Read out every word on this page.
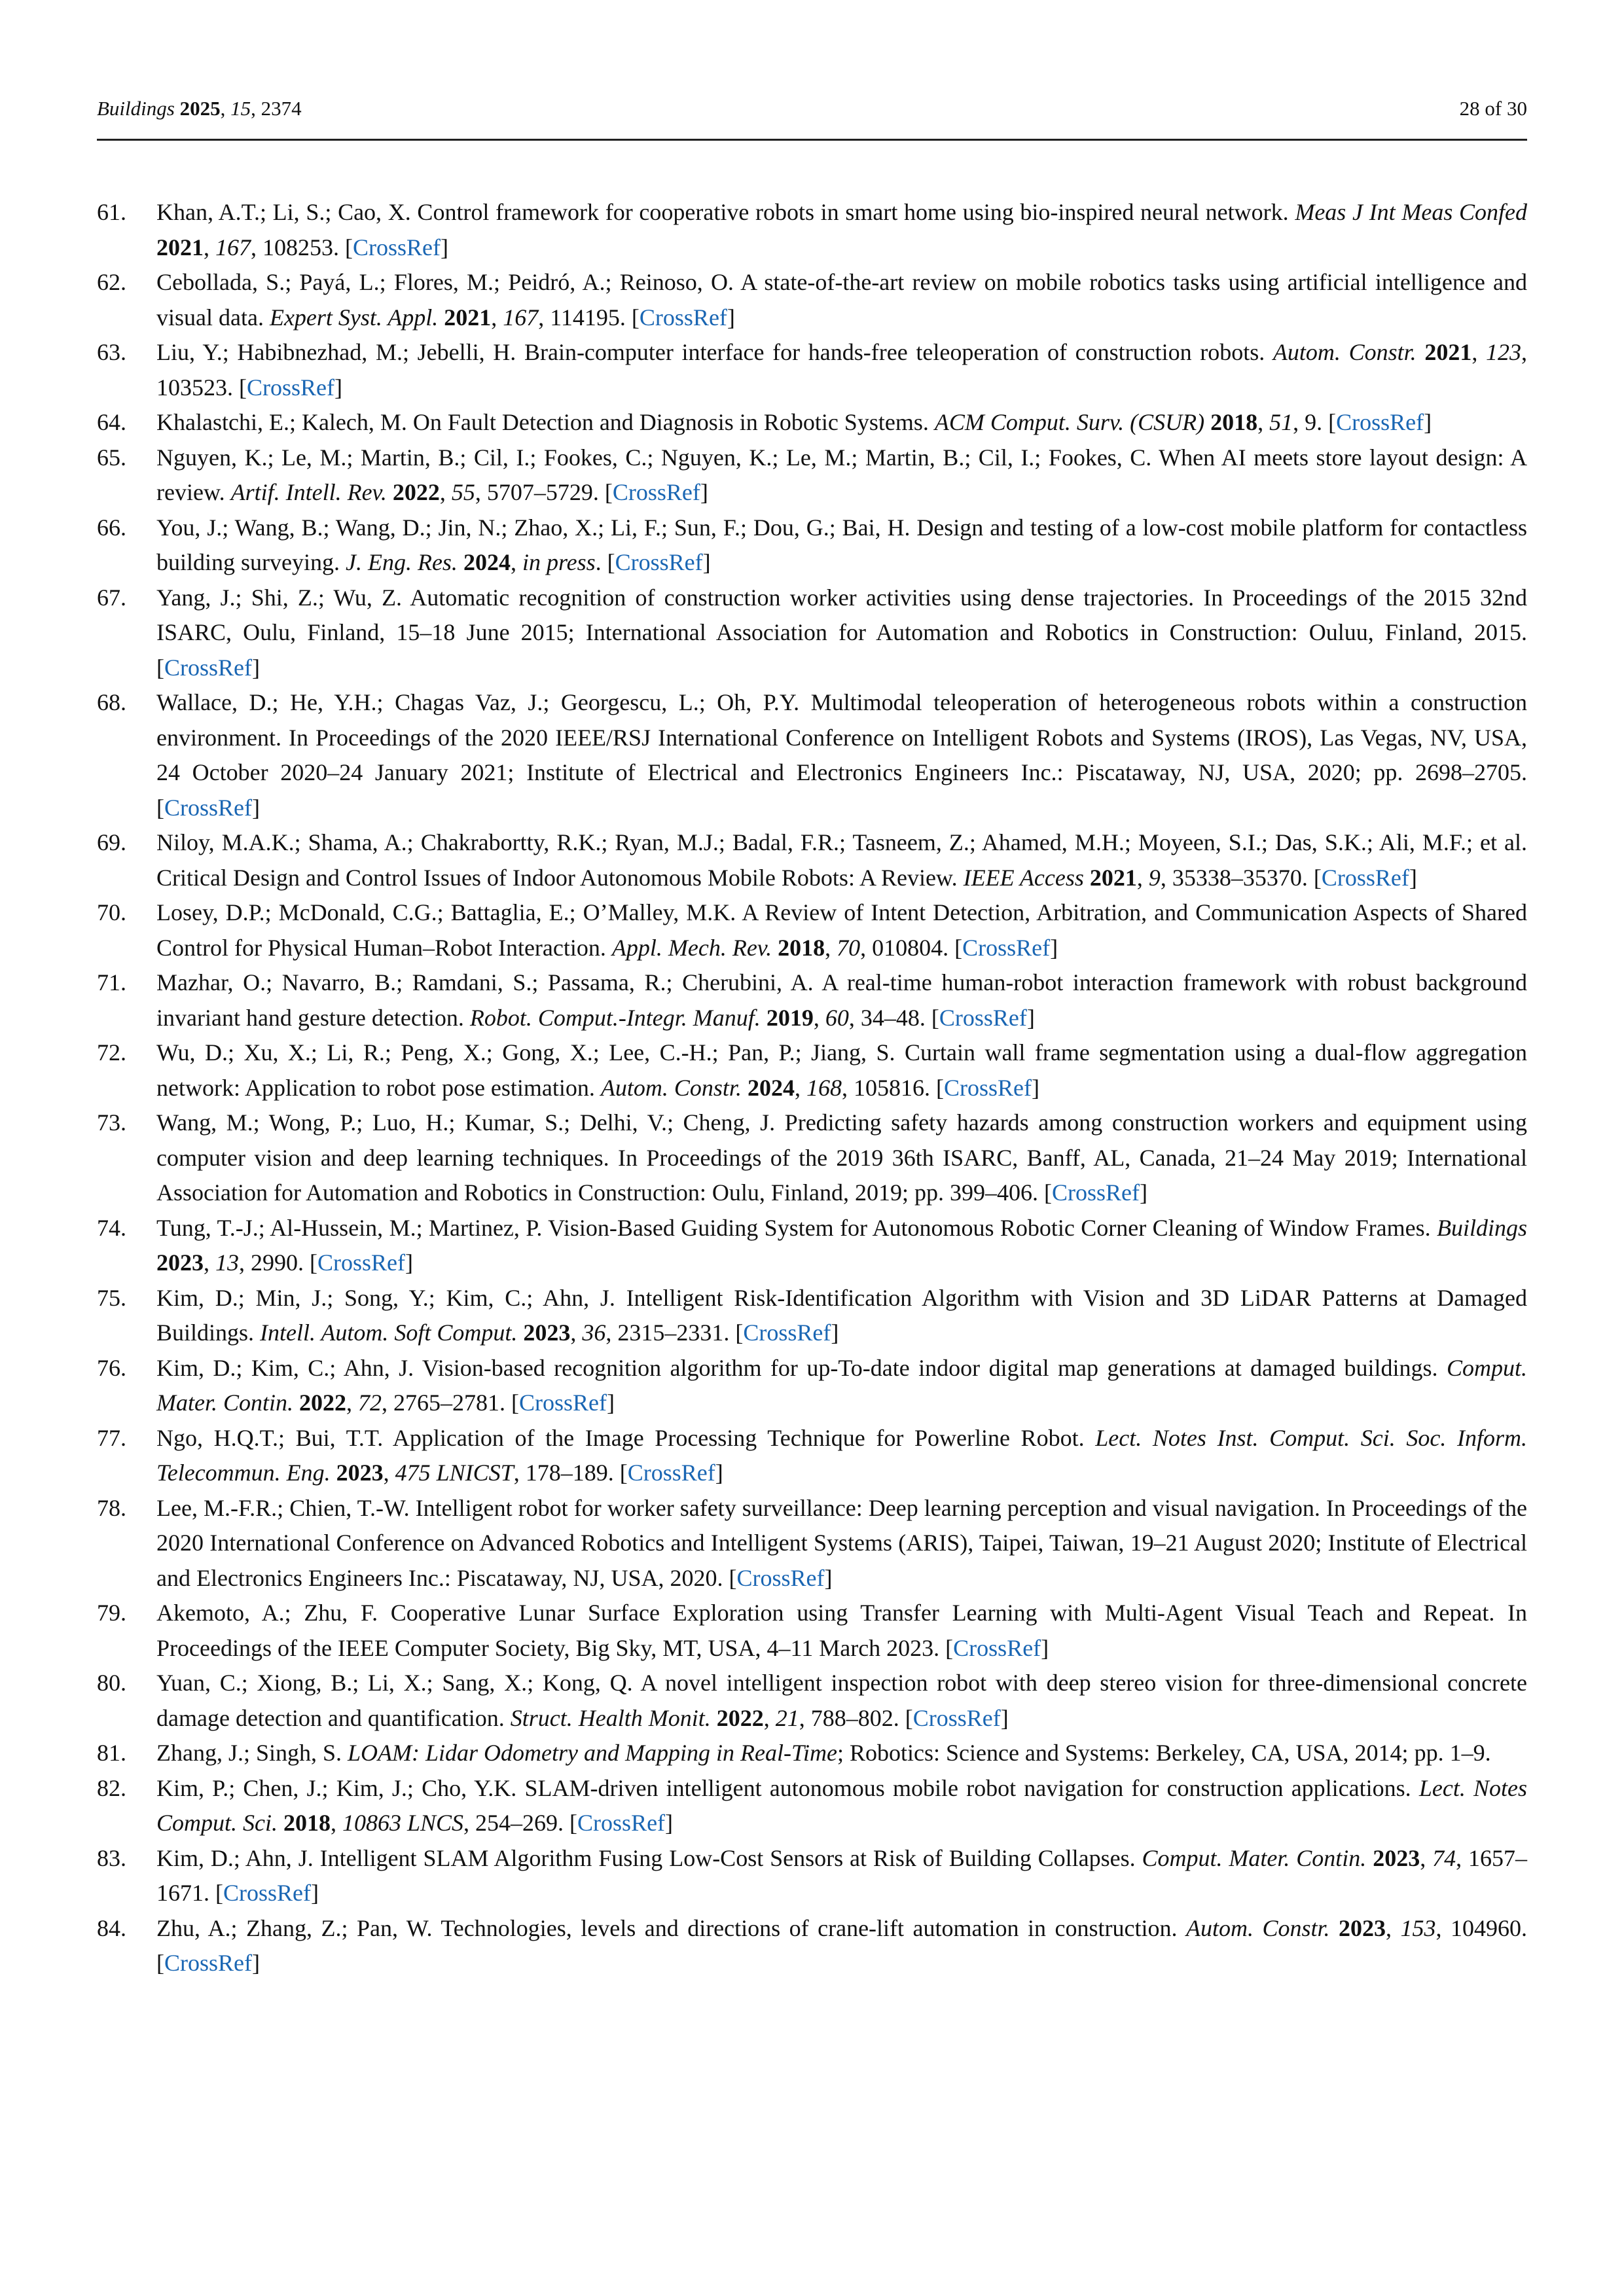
Buildings 2025, 15, 2374	28 of 30
61. Khan, A.T.; Li, S.; Cao, X. Control framework for cooperative robots in smart home using bio-inspired neural network. Meas J Int Meas Confed 2021, 167, 108253. [CrossRef]
62. Cebollada, S.; Payá, L.; Flores, M.; Peidró, A.; Reinoso, O. A state-of-the-art review on mobile robotics tasks using artificial intelligence and visual data. Expert Syst. Appl. 2021, 167, 114195. [CrossRef]
63. Liu, Y.; Habibnezhad, M.; Jebelli, H. Brain-computer interface for hands-free teleoperation of construction robots. Autom. Constr. 2021, 123, 103523. [CrossRef]
64. Khalastchi, E.; Kalech, M. On Fault Detection and Diagnosis in Robotic Systems. ACM Comput. Surv. (CSUR) 2018, 51, 9. [CrossRef]
65. Nguyen, K.; Le, M.; Martin, B.; Cil, I.; Fookes, C.; Nguyen, K.; Le, M.; Martin, B.; Cil, I.; Fookes, C. When AI meets store layout design: A review. Artif. Intell. Rev. 2022, 55, 5707–5729. [CrossRef]
66. You, J.; Wang, B.; Wang, D.; Jin, N.; Zhao, X.; Li, F.; Sun, F.; Dou, G.; Bai, H. Design and testing of a low-cost mobile platform for contactless building surveying. J. Eng. Res. 2024, in press. [CrossRef]
67. Yang, J.; Shi, Z.; Wu, Z. Automatic recognition of construction worker activities using dense trajectories. In Proceedings of the 2015 32nd ISARC, Oulu, Finland, 15–18 June 2015; International Association for Automation and Robotics in Construction: Ouluu, Finland, 2015. [CrossRef]
68. Wallace, D.; He, Y.H.; Chagas Vaz, J.; Georgescu, L.; Oh, P.Y. Multimodal teleoperation of heterogeneous robots within a construction environment. In Proceedings of the 2020 IEEE/RSJ International Conference on Intelligent Robots and Systems (IROS), Las Vegas, NV, USA, 24 October 2020–24 January 2021; Institute of Electrical and Electronics Engineers Inc.: Piscataway, NJ, USA, 2020; pp. 2698–2705. [CrossRef]
69. Niloy, M.A.K.; Shama, A.; Chakrabortty, R.K.; Ryan, M.J.; Badal, F.R.; Tasneem, Z.; Ahamed, M.H.; Moyeen, S.I.; Das, S.K.; Ali, M.F.; et al. Critical Design and Control Issues of Indoor Autonomous Mobile Robots: A Review. IEEE Access 2021, 9, 35338–35370. [CrossRef]
70. Losey, D.P.; McDonald, C.G.; Battaglia, E.; O’Malley, M.K. A Review of Intent Detection, Arbitration, and Communication Aspects of Shared Control for Physical Human–Robot Interaction. Appl. Mech. Rev. 2018, 70, 010804. [CrossRef]
71. Mazhar, O.; Navarro, B.; Ramdani, S.; Passama, R.; Cherubini, A. A real-time human-robot interaction framework with robust background invariant hand gesture detection. Robot. Comput.-Integr. Manuf. 2019, 60, 34–48. [CrossRef]
72. Wu, D.; Xu, X.; Li, R.; Peng, X.; Gong, X.; Lee, C.-H.; Pan, P.; Jiang, S. Curtain wall frame segmentation using a dual-flow aggregation network: Application to robot pose estimation. Autom. Constr. 2024, 168, 105816. [CrossRef]
73. Wang, M.; Wong, P.; Luo, H.; Kumar, S.; Delhi, V.; Cheng, J. Predicting safety hazards among construction workers and equipment using computer vision and deep learning techniques. In Proceedings of the 2019 36th ISARC, Banff, AL, Canada, 21–24 May 2019; International Association for Automation and Robotics in Construction: Oulu, Finland, 2019; pp. 399–406. [CrossRef]
74. Tung, T.-J.; Al-Hussein, M.; Martinez, P. Vision-Based Guiding System for Autonomous Robotic Corner Cleaning of Window Frames. Buildings 2023, 13, 2990. [CrossRef]
75. Kim, D.; Min, J.; Song, Y.; Kim, C.; Ahn, J. Intelligent Risk-Identification Algorithm with Vision and 3D LiDAR Patterns at Damaged Buildings. Intell. Autom. Soft Comput. 2023, 36, 2315–2331. [CrossRef]
76. Kim, D.; Kim, C.; Ahn, J. Vision-based recognition algorithm for up-To-date indoor digital map generations at damaged buildings. Comput. Mater. Contin. 2022, 72, 2765–2781. [CrossRef]
77. Ngo, H.Q.T.; Bui, T.T. Application of the Image Processing Technique for Powerline Robot. Lect. Notes Inst. Comput. Sci. Soc. Inform. Telecommun. Eng. 2023, 475 LNICST, 178–189. [CrossRef]
78. Lee, M.-F.R.; Chien, T.-W. Intelligent robot for worker safety surveillance: Deep learning perception and visual navigation. In Proceedings of the 2020 International Conference on Advanced Robotics and Intelligent Systems (ARIS), Taipei, Taiwan, 19–21 August 2020; Institute of Electrical and Electronics Engineers Inc.: Piscataway, NJ, USA, 2020. [CrossRef]
79. Akemoto, A.; Zhu, F. Cooperative Lunar Surface Exploration using Transfer Learning with Multi-Agent Visual Teach and Repeat. In Proceedings of the IEEE Computer Society, Big Sky, MT, USA, 4–11 March 2023. [CrossRef]
80. Yuan, C.; Xiong, B.; Li, X.; Sang, X.; Kong, Q. A novel intelligent inspection robot with deep stereo vision for three-dimensional concrete damage detection and quantification. Struct. Health Monit. 2022, 21, 788–802. [CrossRef]
81. Zhang, J.; Singh, S. LOAM: Lidar Odometry and Mapping in Real-Time; Robotics: Science and Systems: Berkeley, CA, USA, 2014; pp. 1–9.
82. Kim, P.; Chen, J.; Kim, J.; Cho, Y.K. SLAM-driven intelligent autonomous mobile robot navigation for construction applications. Lect. Notes Comput. Sci. 2018, 10863 LNCS, 254–269. [CrossRef]
83. Kim, D.; Ahn, J. Intelligent SLAM Algorithm Fusing Low-Cost Sensors at Risk of Building Collapses. Comput. Mater. Contin. 2023, 74, 1657–1671. [CrossRef]
84. Zhu, A.; Zhang, Z.; Pan, W. Technologies, levels and directions of crane-lift automation in construction. Autom. Constr. 2023, 153, 104960. [CrossRef]
